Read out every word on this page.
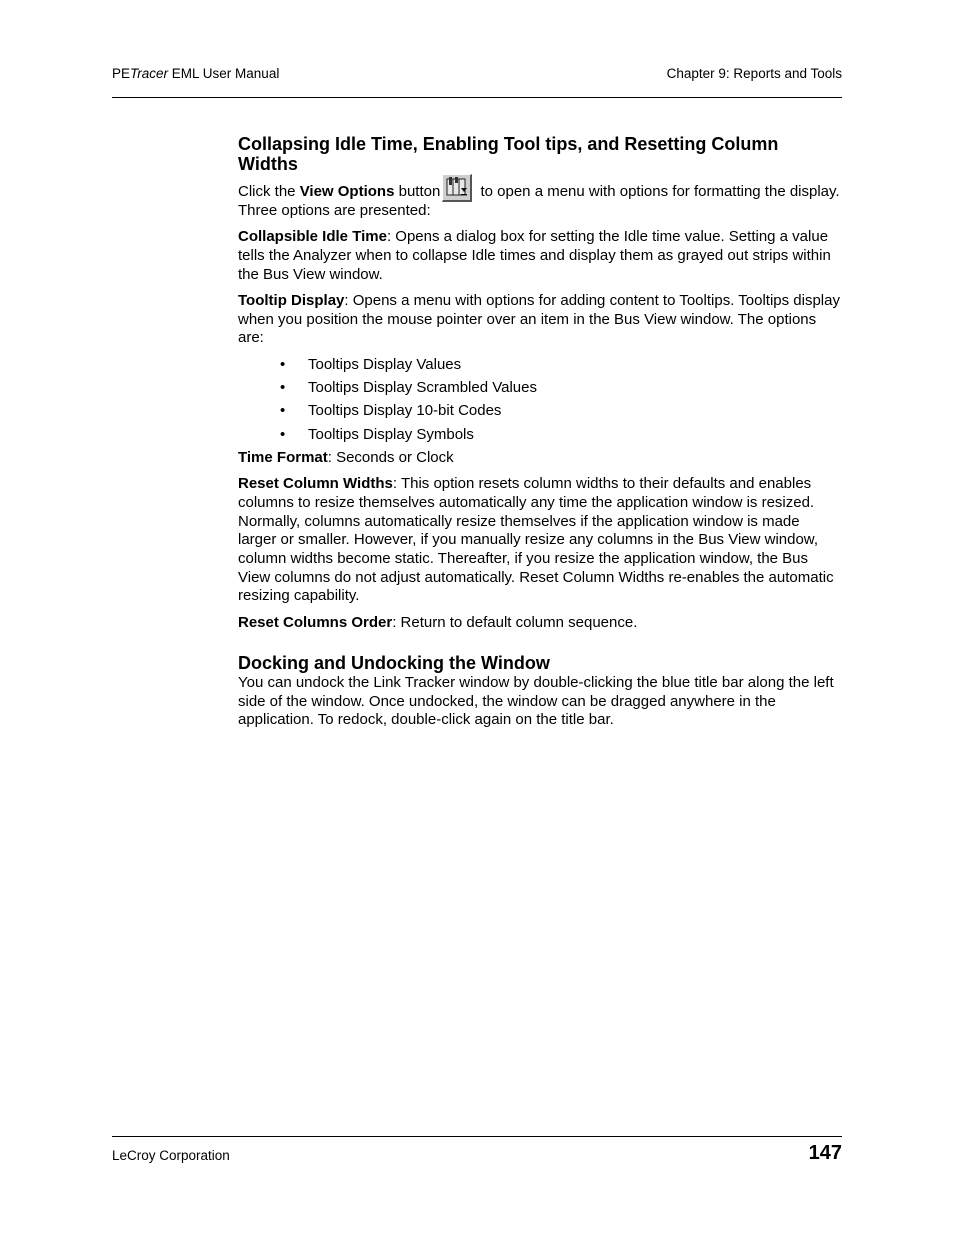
PETracer EML User Manual	Chapter 9: Reports and Tools
Collapsing Idle Time, Enabling Tool tips, and Resetting Column Widths

Click the View Options button
to open a menu with options for formatting the display. Three options are presented:

Collapsible Idle Time: Opens a dialog box for setting the Idle time value. Setting a value tells the Analyzer when to collapse Idle times and display them as grayed out strips within the Bus View window.

Tooltip Display: Opens a menu with options for adding content to Tooltips. Tooltips display when you position the mouse pointer over an item in the Bus View window. The options are:

• Tooltips Display Values
• Tooltips Display Scrambled Values
• Tooltips Display 10-bit Codes
• Tooltips Display Symbols

Time Format: Seconds or Clock

Reset Column Widths: This option resets column widths to their defaults and enables columns to resize themselves automatically any time the application window is resized. Normally, columns automatically resize themselves if the application window is made larger or smaller. However, if you manually resize any columns in the Bus View window, column widths become static. Thereafter, if you resize the application window, the Bus View columns do not adjust automatically. Reset Column Widths re-enables the automatic resizing capability.

Reset Columns Order: Return to default column sequence.

Docking and Undocking the Window

You can undock the Link Tracker window by double-clicking the blue title bar along the left side of the window. Once undocked, the window can be dragged anywhere in the application. To redock, double-click again on the title bar.

LeCroy Corporation	147
